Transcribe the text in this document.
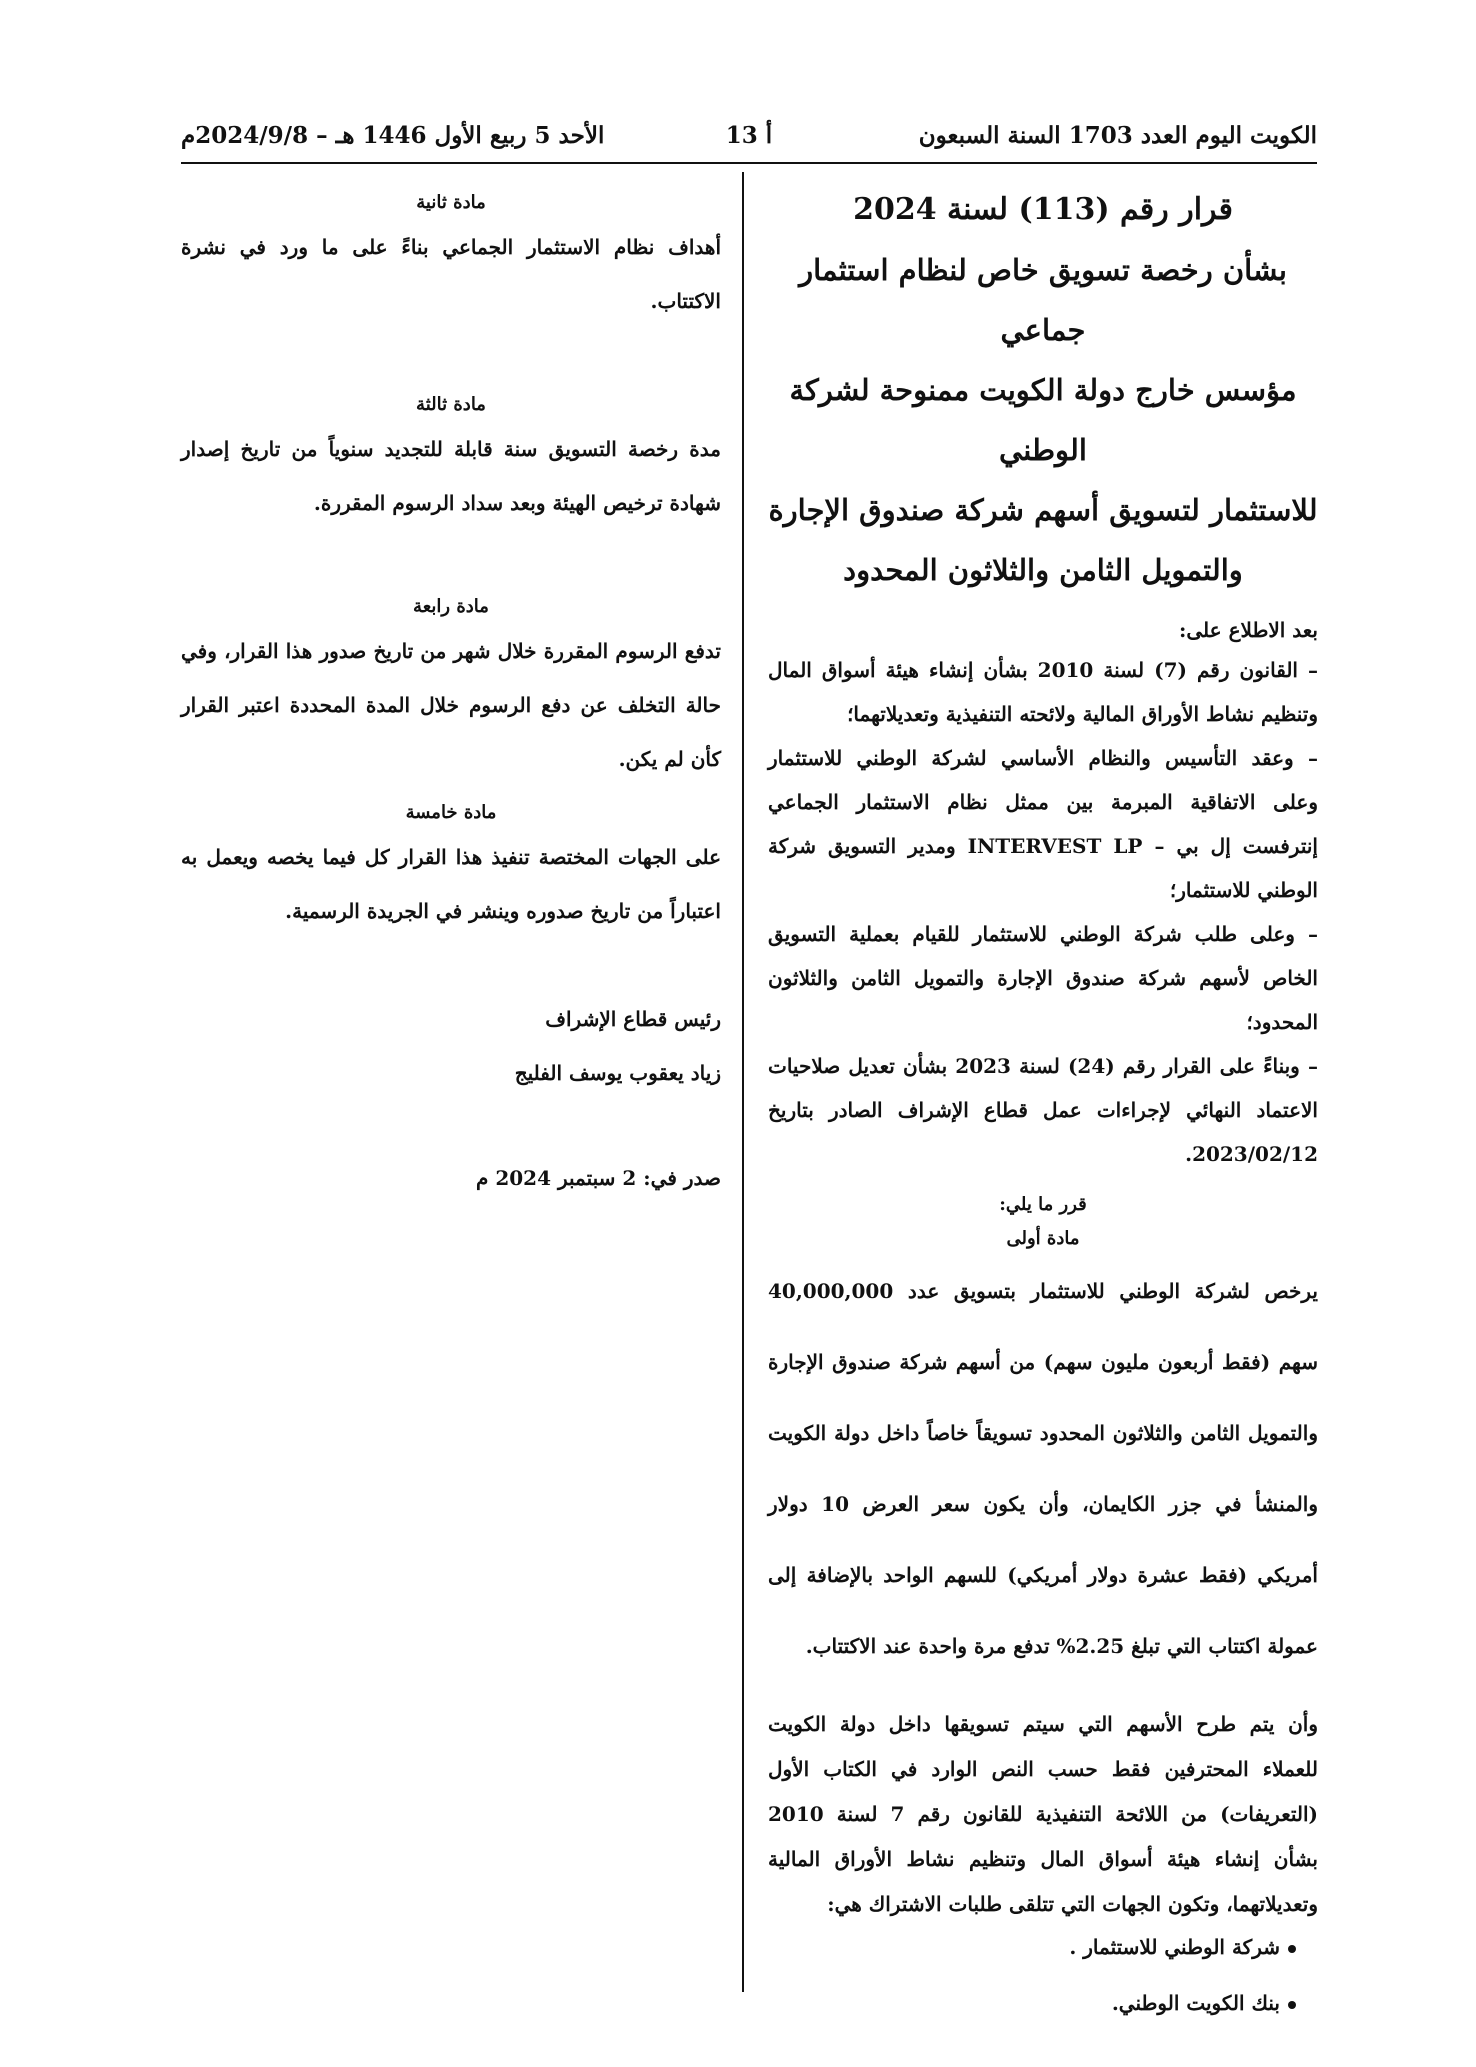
الكويت اليوم العدد 1703 السنة السبعون
أ 13
الأحد 5 ربيع الأول 1446 هـ – 2024/9/8م

قرار رقم (113) لسنة 2024

بشأن رخصة تسويق خاص لنظام استثمار جماعي

مؤسس خارج دولة الكويت ممنوحة لشركة الوطني

للاستثمار لتسويق أسهم شركة صندوق الإجارة

والتمويل الثامن والثلاثون المحدود

بعد الاطلاع على:

– القانون رقم (7) لسنة 2010 بشأن إنشاء هيئة أسواق المال وتنظيم نشاط الأوراق المالية ولائحته التنفيذية وتعديلاتهما؛

– وعقد التأسيس والنظام الأساسي لشركة الوطني للاستثمار وعلى الاتفاقية المبرمة بين ممثل نظام الاستثمار الجماعي إنترفست إل بي – INTERVEST LP ومدير التسويق شركة الوطني للاستثمار؛

– وعلى طلب شركة الوطني للاستثمار للقيام بعملية التسويق الخاص لأسهم شركة صندوق الإجارة والتمويل الثامن والثلاثون المحدود؛

– وبناءً على القرار رقم (24) لسنة 2023 بشأن تعديل صلاحيات الاعتماد النهائي لإجراءات عمل قطاع الإشراف الصادر بتاريخ 2023/02/12.

قرر ما يلي:

مادة أولى

يرخص لشركة الوطني للاستثمار بتسويق عدد 40,000,000 سهم (فقط أربعون مليون سهم) من أسهم شركة صندوق الإجارة والتمويل الثامن والثلاثون المحدود تسويقاً خاصاً داخل دولة الكويت والمنشأ في جزر الكايمان، وأن يكون سعر العرض 10 دولار أمريكي (فقط عشرة دولار أمريكي) للسهم الواحد بالإضافة إلى عمولة اكتتاب التي تبلغ 2.25% تدفع مرة واحدة عند الاكتتاب.

وأن يتم طرح الأسهم التي سيتم تسويقها داخل دولة الكويت للعملاء المحترفين فقط حسب النص الوارد في الكتاب الأول (التعريفات) من اللائحة التنفيذية للقانون رقم 7 لسنة 2010 بشأن إنشاء هيئة أسواق المال وتنظيم نشاط الأوراق المالية وتعديلاتهما، وتكون الجهات التي تتلقى طلبات الاشتراك هي:

شركة الوطني للاستثمار .

بنك الكويت الوطني.

مادة ثانية

أهداف نظام الاستثمار الجماعي بناءً على ما ورد في نشرة الاكتتاب.

مادة ثالثة

مدة رخصة التسويق سنة قابلة للتجديد سنوياً من تاريخ إصدار شهادة ترخيص الهيئة وبعد سداد الرسوم المقررة.

مادة رابعة

تدفع الرسوم المقررة خلال شهر من تاريخ صدور هذا القرار، وفي حالة التخلف عن دفع الرسوم خلال المدة المحددة اعتبر القرار كأن لم يكن.

مادة خامسة

على الجهات المختصة تنفيذ هذا القرار كل فيما يخصه ويعمل به اعتباراً من تاريخ صدوره وينشر في الجريدة الرسمية.

رئيس قطاع الإشراف

زياد يعقوب يوسف الفليج

صدر في: 2 سبتمبر 2024 م
